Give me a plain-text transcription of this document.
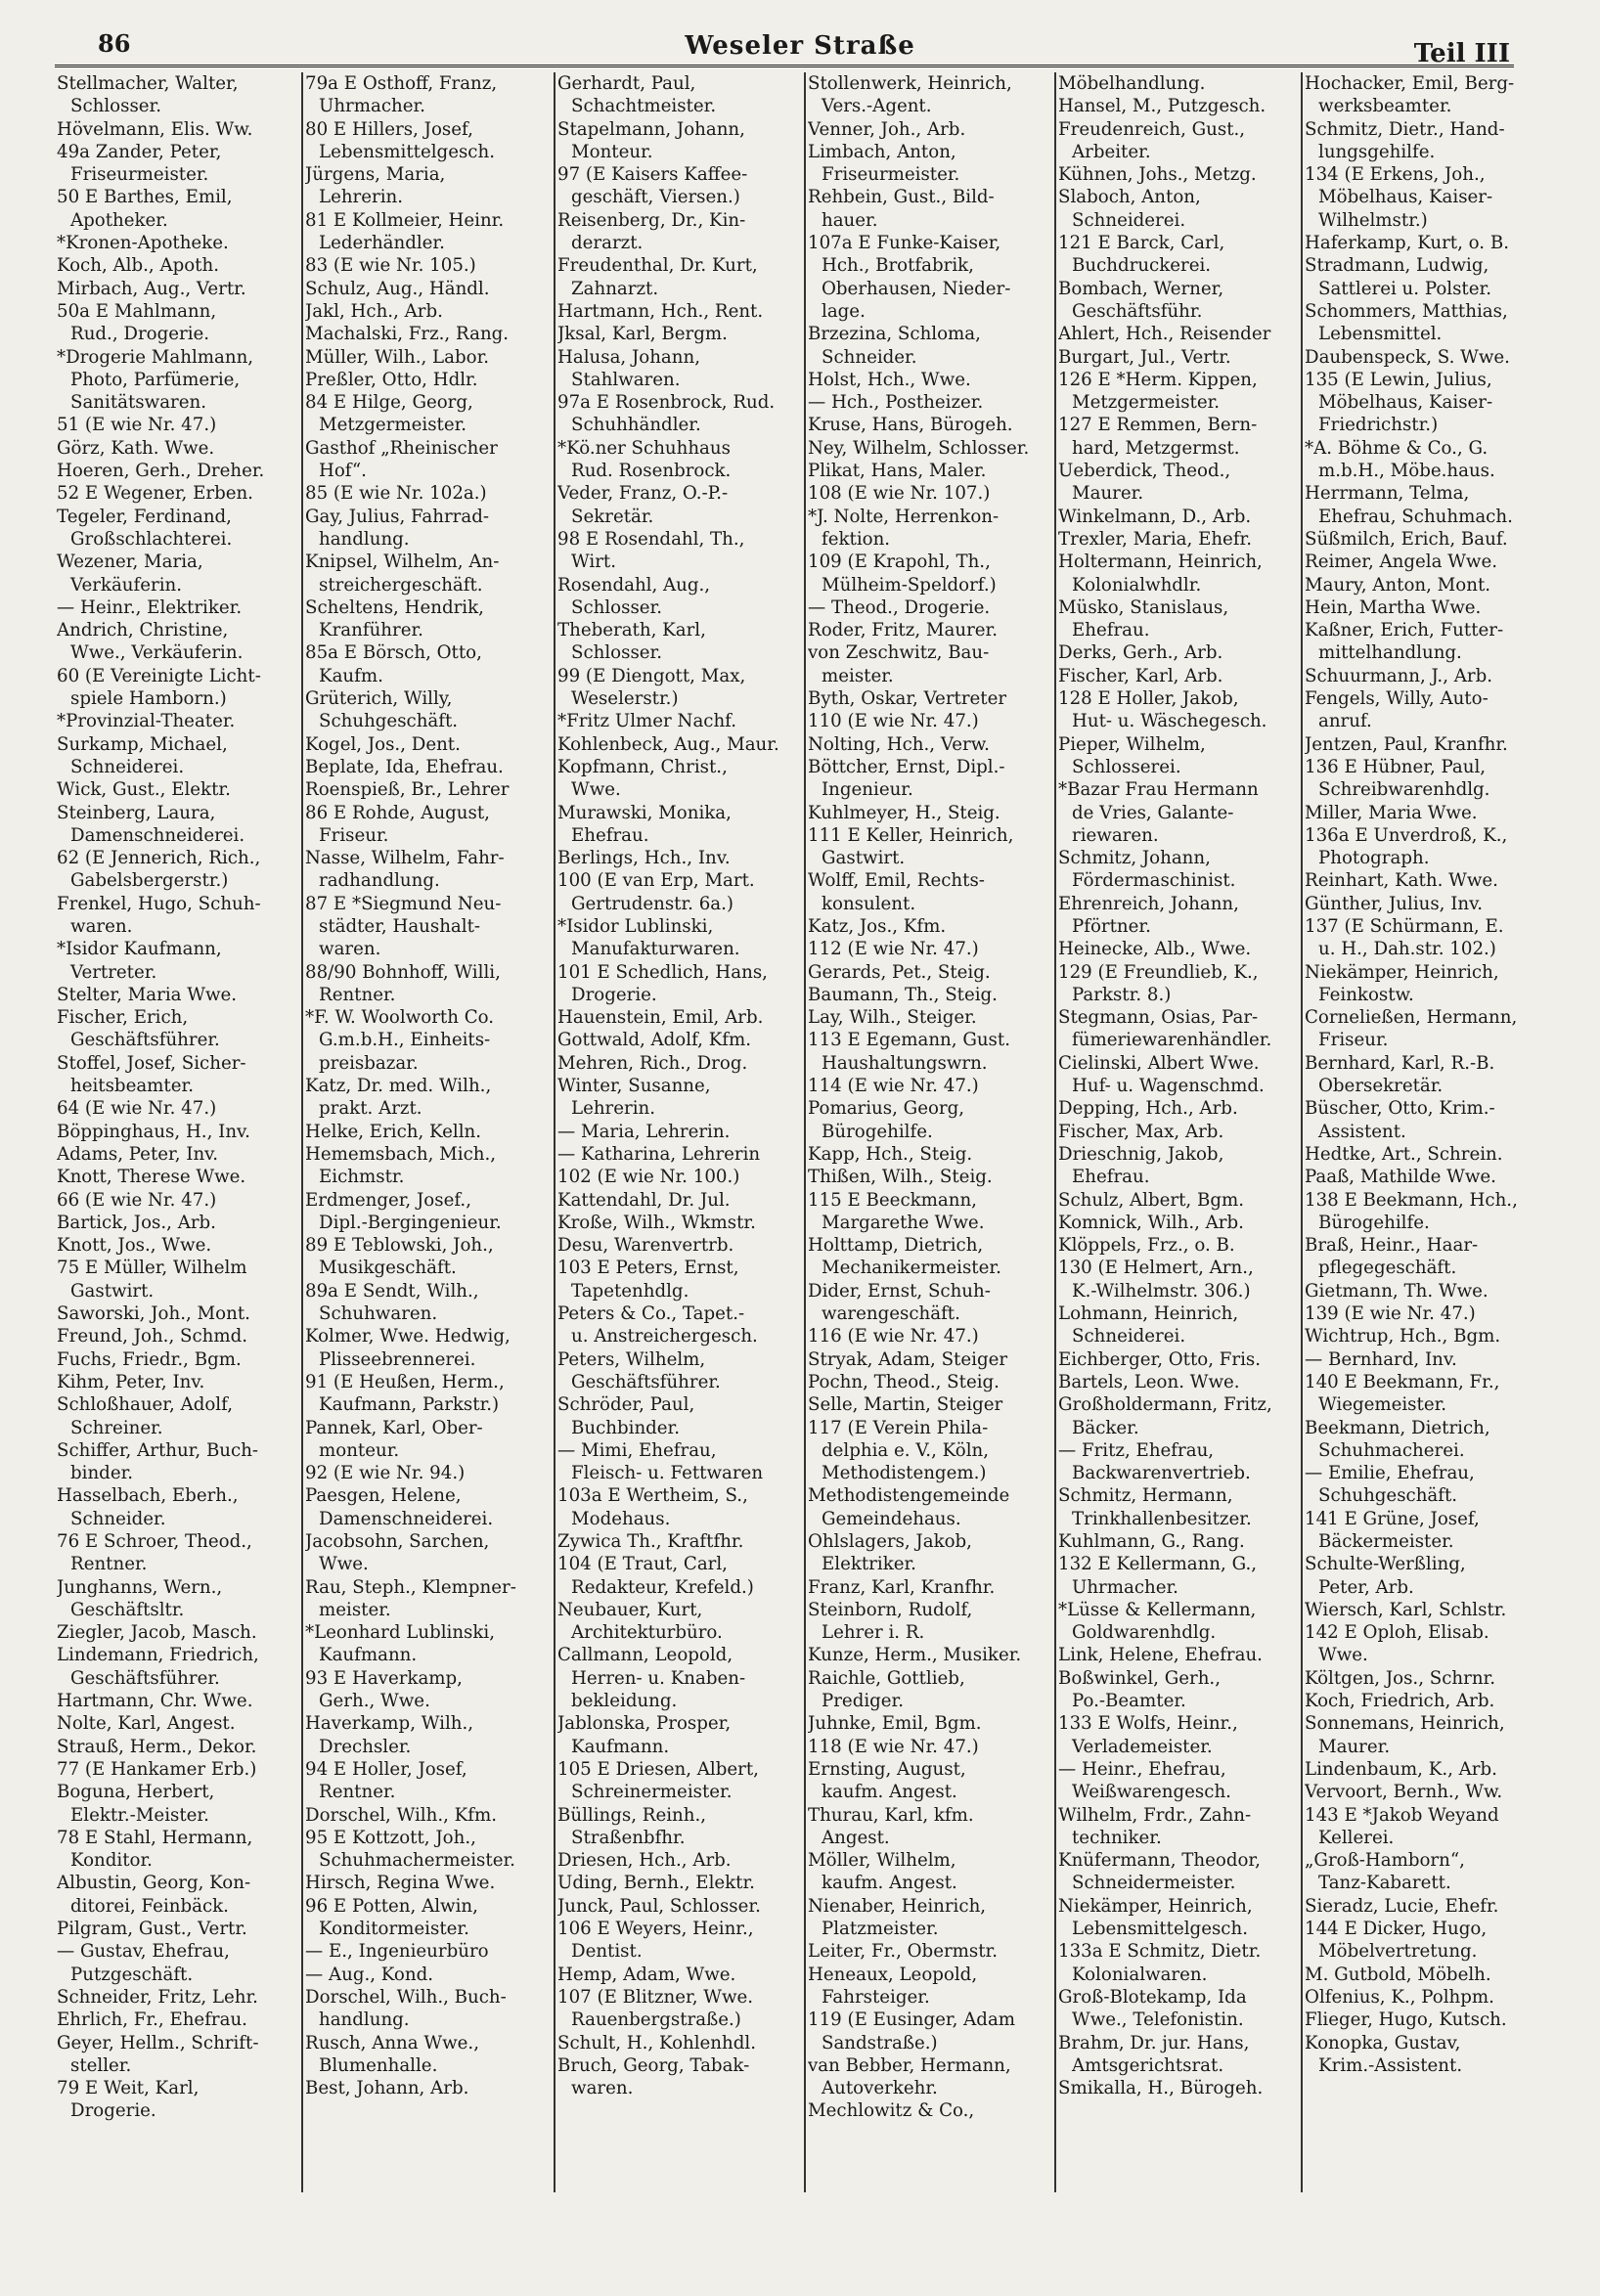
86	Weseler Straße	Teil III
Stellmacher, Walter,
Schlosser.
Hövelmann, Elis. Ww.
49a Zander, Peter,
Friseurmeister.
50 E Barthes, Emil,
Apotheker.
*Kronen-Apotheke.
Koch, Alb., Apoth.
Mirbach, Aug., Vertr.
50a E Mahlmann,
Rud., Drogerie.
*Drogerie Mahlmann,
Photo, Parfümerie,
Sanitätswaren.
51 (E wie Nr. 47.)
Görz, Kath. Wwe.
Hoeren, Gerh., Dreher.
52 E Wegener, Erben.
Tegeler, Ferdinand,
Großschlachterei.
Wezener, Maria,
Verkäuferin.
— Heinr., Elektriker.
Andrich, Christine,
Wwe., Verkäuferin.
60 (E Vereinigte Licht-
spiele Hamborn.)
*Provinzial-Theater.
Surkamp, Michael,
Schneiderei.
Wick, Gust., Elektr.
Steinberg, Laura,
Damenschneiderei.
62 (E Jennerich, Rich.,
Gabelsbergerstr.)
Frenkel, Hugo, Schuh-
waren.
*Isidor Kaufmann,
Vertreter.
Stelter, Maria Wwe.
Fischer, Erich,
Geschäftsführer.
Stoffel, Josef, Sicher-
heitsbeamter.
64 (E wie Nr. 47.)
Böppinghaus, H., Inv.
Adams, Peter, Inv.
Knott, Therese Wwe.
66 (E wie Nr. 47.)
Bartick, Jos., Arb.
Knott, Jos., Wwe.
75 E Müller, Wilhelm
Gastwirt.
Saworski, Joh., Mont.
Freund, Joh., Schmd.
Fuchs, Friedr., Bgm.
Kihm, Peter, Inv.
Schloßhauer, Adolf,
Schreiner.
Schiffer, Arthur, Buch-
binder.
Hasselbach, Eberh.,
Schneider.
76 E Schroer, Theod.,
Rentner.
Junghanns, Wern.,
Geschäftsltr.
Ziegler, Jacob, Masch.
Lindemann, Friedrich,
Geschäftsführer.
Hartmann, Chr. Wwe.
Nolte, Karl, Angest.
Strauß, Herm., Dekor.
77 (E Hankamer Erb.)
Boguna, Herbert,
Elektr.-Meister.
78 E Stahl, Hermann,
Konditor.
Albustin, Georg, Kon-
ditorei, Feinbäck.
Pilgram, Gust., Vertr.
— Gustav, Ehefrau,
Putzgeschäft.
Schneider, Fritz, Lehr.
Ehrlich, Fr., Ehefrau.
Geyer, Hellm., Schrift-
steller.
79 E Weit, Karl,
Drogerie.
79a E Osthoff, Franz,
Uhrmacher.
80 E Hillers, Josef,
Lebensmittelgesch.
Jürgens, Maria,
Lehrerin.
81 E Kollmeier, Heinr.
Lederhändler.
83 (E wie Nr. 105.)
Schulz, Aug., Händl.
Jakl, Hch., Arb.
Machalski, Frz., Rang.
Müller, Wilh., Labor.
Preßler, Otto, Hdlr.
84 E Hilge, Georg,
Metzgermeister.
Gasthof „Rheinischer
Hof“.
85 (E wie Nr. 102a.)
Gay, Julius, Fahrrad-
handlung.
Knipsel, Wilhelm, An-
streichergeschäft.
Scheltens, Hendrik,
Kranführer.
85a E Börsch, Otto,
Kaufm.
Grüterich, Willy,
Schuhgeschäft.
Kogel, Jos., Dent.
Beplate, Ida, Ehefrau.
Roenspieß, Br., Lehrer
86 E Rohde, August,
Friseur.
Nasse, Wilhelm, Fahr-
radhandlung.
87 E *Siegmund Neu-
städter, Haushalt-
waren.
88/90 Bohnhoff, Willi,
Rentner.
*F. W. Woolworth Co.
G.m.b.H., Einheits-
preisbazar.
Katz, Dr. med. Wilh.,
prakt. Arzt.
Helke, Erich, Kelln.
Hememsbach, Mich.,
Eichmstr.
Erdmenger, Josef.,
Dipl.-Bergingenieur.
89 E Teblowski, Joh.,
Musikgeschäft.
89a E Sendt, Wilh.,
Schuhwaren.
Kolmer, Wwe. Hedwig,
Plisseebrennerei.
91 (E Heußen, Herm.,
Kaufmann, Parkstr.)
Pannek, Karl, Ober-
monteur.
92 (E wie Nr. 94.)
Paesgen, Helene,
Damenschneiderei.
Jacobsohn, Sarchen,
Wwe.
Rau, Steph., Klempner-
meister.
*Leonhard Lublinski,
Kaufmann.
93 E Haverkamp,
Gerh., Wwe.
Haverkamp, Wilh.,
Drechsler.
94 E Holler, Josef,
Rentner.
Dorschel, Wilh., Kfm.
95 E Kottzott, Joh.,
Schuhmachermeister.
Hirsch, Regina Wwe.
96 E Potten, Alwin,
Konditormeister.
— E., Ingenieurbüro
— Aug., Kond.
Dorschel, Wilh., Buch-
handlung.
Rusch, Anna Wwe.,
Blumenhalle.
Best, Johann, Arb.
Gerhardt, Paul,
Schachtmeister.
Stapelmann, Johann,
Monteur.
97 (E Kaisers Kaffee-
geschäft, Viersen.)
Reisenberg, Dr., Kin-
derarzt.
Freudenthal, Dr. Kurt,
Zahnarzt.
Hartmann, Hch., Rent.
Jksal, Karl, Bergm.
Halusa, Johann,
Stahlwaren.
97a E Rosenbrock, Rud.
Schuhhändler.
*Kö.ner Schuhhaus
Rud. Rosenbrock.
Veder, Franz, O.-P.-
Sekretär.
98 E Rosendahl, Th.,
Wirt.
Rosendahl, Aug.,
Schlosser.
Theberath, Karl,
Schlosser.
99 (E Diengott, Max,
Weselerstr.)
*Fritz Ulmer Nachf.
Kohlenbeck, Aug., Maur.
Kopfmann, Christ.,
Wwe.
Murawski, Monika,
Ehefrau.
Berlings, Hch., Inv.
100 (E van Erp, Mart.
Gertrudenstr. 6a.)
*Isidor Lublinski,
Manufakturwaren.
101 E Schedlich, Hans,
Drogerie.
Hauenstein, Emil, Arb.
Gottwald, Adolf, Kfm.
Mehren, Rich., Drog.
Winter, Susanne,
Lehrerin.
— Maria, Lehrerin.
— Katharina, Lehrerin
102 (E wie Nr. 100.)
Kattendahl, Dr. Jul.
Kroße, Wilh., Wkmstr.
Desu, Warenvertrb.
103 E Peters, Ernst,
Tapetenhdlg.
Peters & Co., Tapet.-
u. Anstreichergesch.
Peters, Wilhelm,
Geschäftsführer.
Schröder, Paul,
Buchbinder.
— Mimi, Ehefrau,
Fleisch- u. Fettwaren
103a E Wertheim, S.,
Modehaus.
Zywica Th., Kraftfhr.
104 (E Traut, Carl,
Redakteur, Krefeld.)
Neubauer, Kurt,
Architekturbüro.
Callmann, Leopold,
Herren- u. Knaben-
bekleidung.
Jablonska, Prosper,
Kaufmann.
105 E Driesen, Albert,
Schreinermeister.
Büllings, Reinh.,
Straßenbfhr.
Driesen, Hch., Arb.
Uding, Bernh., Elektr.
Junck, Paul, Schlosser.
106 E Weyers, Heinr.,
Dentist.
Hemp, Adam, Wwe.
107 (E Blitzner, Wwe.
Rauenbergstraße.)
Schult, H., Kohlenhdl.
Bruch, Georg, Tabak-
waren.
Stollenwerk, Heinrich,
Vers.-Agent.
Venner, Joh., Arb.
Limbach, Anton,
Friseurmeister.
Rehbein, Gust., Bild-
hauer.
107a E Funke-Kaiser,
Hch., Brotfabrik,
Oberhausen, Nieder-
lage.
Brzezina, Schloma,
Schneider.
Holst, Hch., Wwe.
— Hch., Postheizer.
Kruse, Hans, Bürogeh.
Ney, Wilhelm, Schlosser.
Plikat, Hans, Maler.
108 (E wie Nr. 107.)
*J. Nolte, Herrenkon-
fektion.
109 (E Krapohl, Th.,
Mülheim-Speldorf.)
— Theod., Drogerie.
Roder, Fritz, Maurer.
von Zeschwitz, Bau-
meister.
Byth, Oskar, Vertreter
110 (E wie Nr. 47.)
Nolting, Hch., Verw.
Böttcher, Ernst, Dipl.-
Ingenieur.
Kuhlmeyer, H., Steig.
111 E Keller, Heinrich,
Gastwirt.
Wolff, Emil, Rechts-
konsulent.
Katz, Jos., Kfm.
112 (E wie Nr. 47.)
Gerards, Pet., Steig.
Baumann, Th., Steig.
Lay, Wilh., Steiger.
113 E Egemann, Gust.
Haushaltungswrn.
114 (E wie Nr. 47.)
Pomarius, Georg,
Bürogehilfe.
Kapp, Hch., Steig.
Thißen, Wilh., Steig.
115 E Beeckmann,
Margarethe Wwe.
Holttamp, Dietrich,
Mechanikermeister.
Dider, Ernst, Schuh-
warengeschäft.
116 (E wie Nr. 47.)
Stryak, Adam, Steiger
Pochn, Theod., Steig.
Selle, Martin, Steiger
117 (E Verein Phila-
delphia e. V., Köln,
Methodistengem.)
Methodistengemeinde
Gemeindehaus.
Ohlslagers, Jakob,
Elektriker.
Franz, Karl, Kranfhr.
Steinborn, Rudolf,
Lehrer i. R.
Kunze, Herm., Musiker.
Raichle, Gottlieb,
Prediger.
Juhnke, Emil, Bgm.
118 (E wie Nr. 47.)
Ernsting, August,
kaufm. Angest.
Thurau, Karl, kfm.
Angest.
Möller, Wilhelm,
kaufm. Angest.
Nienaber, Heinrich,
Platzmeister.
Leiter, Fr., Obermstr.
Heneaux, Leopold,
Fahrsteiger.
119 (E Eusinger, Adam
Sandstraße.)
van Bebber, Hermann,
Autoverkehr.
Mechlowitz & Co.,
Möbelhandlung.
Hansel, M., Putzgesch.
Freudenreich, Gust.,
Arbeiter.
Kühnen, Johs., Metzg.
Slaboch, Anton,
Schneiderei.
121 E Barck, Carl,
Buchdruckerei.
Bombach, Werner,
Geschäftsführ.
Ahlert, Hch., Reisender
Burgart, Jul., Vertr.
126 E *Herm. Kippen,
Metzgermeister.
127 E Remmen, Bern-
hard, Metzgermst.
Ueberdick, Theod.,
Maurer.
Winkelmann, D., Arb.
Trexler, Maria, Ehefr.
Holtermann, Heinrich,
Kolonialwhdlr.
Müsko, Stanislaus,
Ehefrau.
Derks, Gerh., Arb.
Fischer, Karl, Arb.
128 E Holler, Jakob,
Hut- u. Wäschegesch.
Pieper, Wilhelm,
Schlosserei.
*Bazar Frau Hermann
de Vries, Galante-
riewaren.
Schmitz, Johann,
Fördermaschinist.
Ehrenreich, Johann,
Pförtner.
Heinecke, Alb., Wwe.
129 (E Freundlieb, K.,
Parkstr. 8.)
Stegmann, Osias, Par-
fümeriewarenhändler.
Cielinski, Albert Wwe.
Huf- u. Wagenschmd.
Depping, Hch., Arb.
Fischer, Max, Arb.
Drieschnig, Jakob,
Ehefrau.
Schulz, Albert, Bgm.
Komnick, Wilh., Arb.
Klöppels, Frz., o. B.
130 (E Helmert, Arn.,
K.-Wilhelmstr. 306.)
Lohmann, Heinrich,
Schneiderei.
Eichberger, Otto, Fris.
Bartels, Leon. Wwe.
Großholdermann, Fritz,
Bäcker.
— Fritz, Ehefrau,
Backwarenvertrieb.
Schmitz, Hermann,
Trinkhallenbesitzer.
Kuhlmann, G., Rang.
132 E Kellermann, G.,
Uhrmacher.
*Lüsse & Kellermann,
Goldwarenhdlg.
Link, Helene, Ehefrau.
Boßwinkel, Gerh.,
Po.-Beamter.
133 E Wolfs, Heinr.,
Verlademeister.
— Heinr., Ehefrau,
Weißwarengesch.
Wilhelm, Frdr., Zahn-
techniker.
Knüfermann, Theodor,
Schneidermeister.
Niekämper, Heinrich,
Lebensmittelgesch.
133a E Schmitz, Dietr.
Kolonialwaren.
Groß-Blotekamp, Ida
Wwe., Telefonistin.
Brahm, Dr. jur. Hans,
Amtsgerichtsrat.
Smikalla, H., Bürogeh.
Hochacker, Emil, Berg-
werksbeamter.
Schmitz, Dietr., Hand-
lungsgehilfe.
134 (E Erkens, Joh.,
Möbelhaus, Kaiser-
Wilhelmstr.)
Haferkamp, Kurt, o. B.
Stradmann, Ludwig,
Sattlerei u. Polster.
Schommers, Matthias,
Lebensmittel.
Daubenspeck, S. Wwe.
135 (E Lewin, Julius,
Möbelhaus, Kaiser-
Friedrichstr.)
*A. Böhme & Co., G.
m.b.H., Möbe.haus.
Herrmann, Telma,
Ehefrau, Schuhmach.
Süßmilch, Erich, Bauf.
Reimer, Angela Wwe.
Maury, Anton, Mont.
Hein, Martha Wwe.
Kaßner, Erich, Futter-
mittelhandlung.
Schuurmann, J., Arb.
Fengels, Willy, Auto-
anruf.
Jentzen, Paul, Kranfhr.
136 E Hübner, Paul,
Schreibwarenhdlg.
Miller, Maria Wwe.
136a E Unverdroß, K.,
Photograph.
Reinhart, Kath. Wwe.
Günther, Julius, Inv.
137 (E Schürmann, E.
u. H., Dah.str. 102.)
Niekämper, Heinrich,
Feinkostw.
Corneließen, Hermann,
Friseur.
Bernhard, Karl, R.-B.
Obersekretär.
Büscher, Otto, Krim.-
Assistent.
Hedtke, Art., Schrein.
Paaß, Mathilde Wwe.
138 E Beekmann, Hch.,
Bürogehilfe.
Braß, Heinr., Haar-
pflegegeschäft.
Gietmann, Th. Wwe.
139 (E wie Nr. 47.)
Wichtrup, Hch., Bgm.
— Bernhard, Inv.
140 E Beekmann, Fr.,
Wiegemeister.
Beekmann, Dietrich,
Schuhmacherei.
— Emilie, Ehefrau,
Schuhgeschäft.
141 E Grüne, Josef,
Bäckermeister.
Schulte-Werßling,
Peter, Arb.
Wiersch, Karl, Schlstr.
142 E Oploh, Elisab.
Wwe.
Költgen, Jos., Schrnr.
Koch, Friedrich, Arb.
Sonnemans, Heinrich,
Maurer.
Lindenbaum, K., Arb.
Vervoort, Bernh., Ww.
143 E *Jakob Weyand
Kellerei.
„Groß-Hamborn“,
Tanz-Kabarett.
Sieradz, Lucie, Ehefr.
144 E Dicker, Hugo,
Möbelvertretung.
M. Gutbold, Möbelh.
Olfenius, K., Polhpm.
Flieger, Hugo, Kutsch.
Konopka, Gustav,
Krim.-Assistent.
